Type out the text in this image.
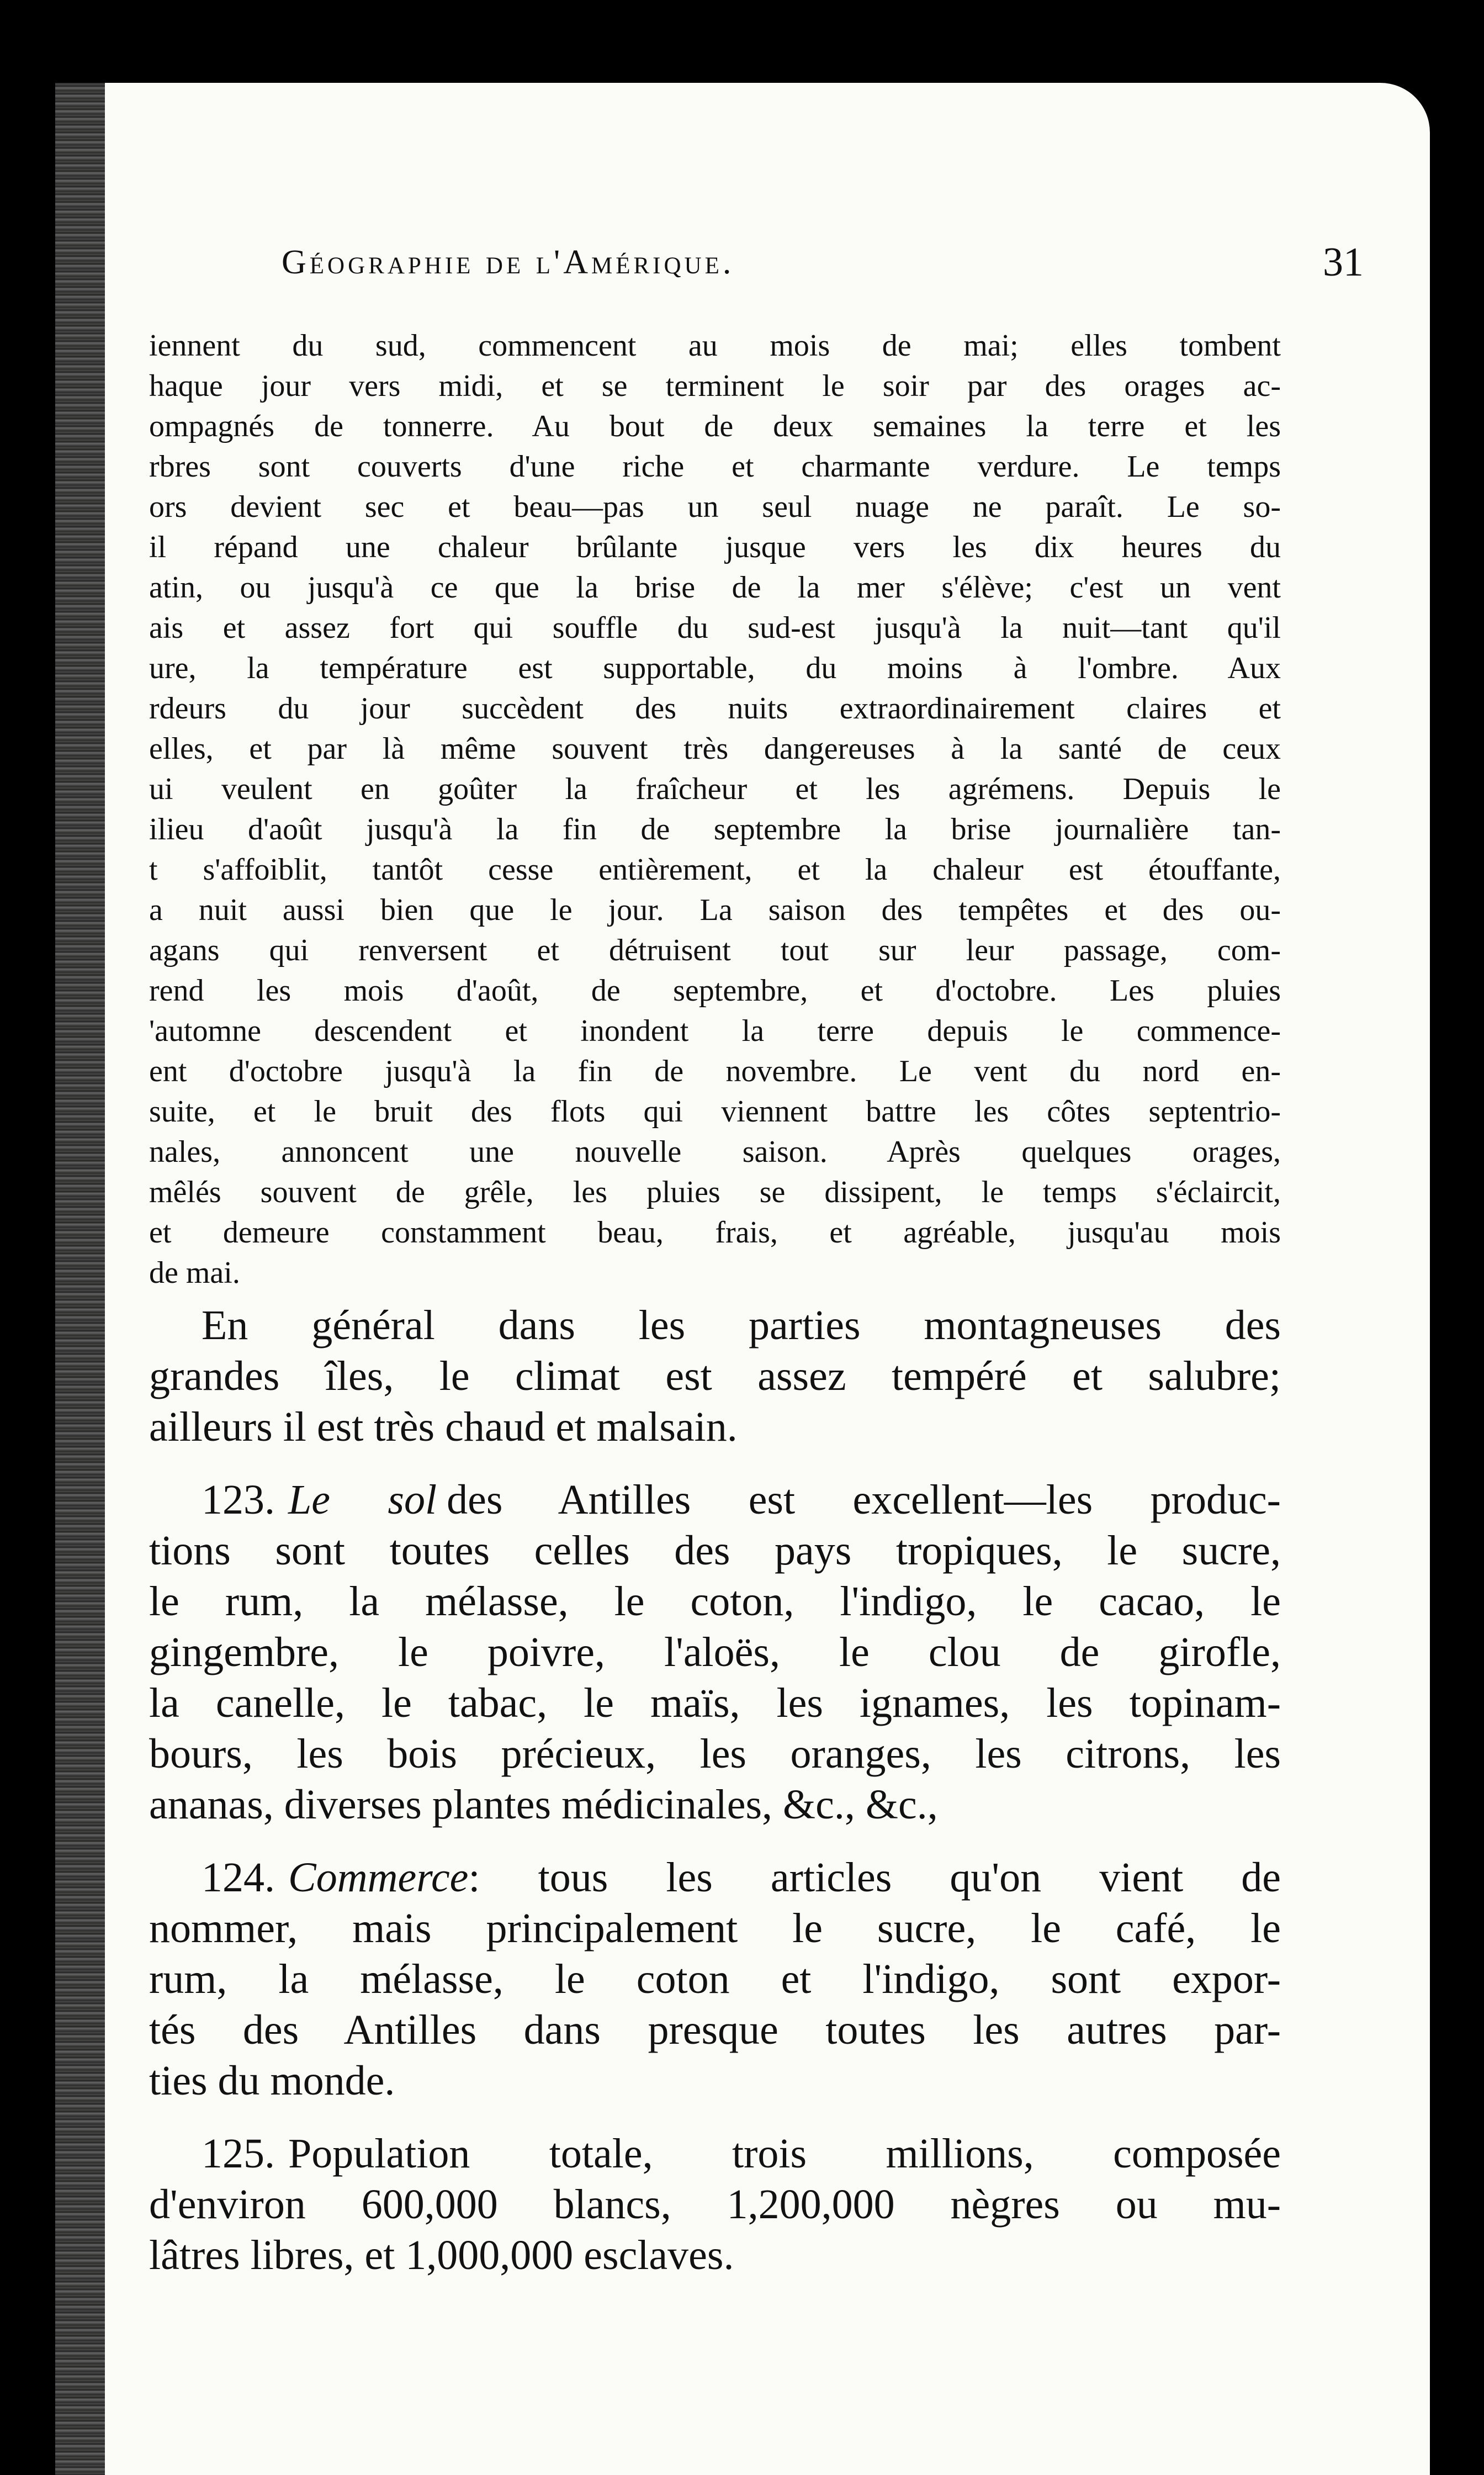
Géographie de l'Amérique.	31

iennent du sud, commencent au mois de mai; elles tombent

haque jour vers midi, et se terminent le soir par des orages ac-

ompagnés de tonnerre. Au bout de deux semaines la terre et les

rbres sont couverts d'une riche et charmante verdure. Le temps

ors devient sec et beau—pas un seul nuage ne paraît. Le so-

il répand une chaleur brûlante jusque vers les dix heures du

atin, ou jusqu'à ce que la brise de la mer s'élève; c'est un vent

ais et assez fort qui souffle du sud-est jusqu'à la nuit—tant qu'il

ure, la température est supportable, du moins à l'ombre. Aux

rdeurs du jour succèdent des nuits extraordinairement claires et

elles, et par là même souvent très dangereuses à la santé de ceux

ui veulent en goûter la fraîcheur et les agrémens. Depuis le

ilieu d'août jusqu'à la fin de septembre la brise journalière tan-

t s'affoiblit, tantôt cesse entièrement, et la chaleur est étouffante,

a nuit aussi bien que le jour. La saison des tempêtes et des ou-

agans qui renversent et détruisent tout sur leur passage, com-

rend les mois d'août, de septembre, et d'octobre. Les pluies

'automne descendent et inondent la terre depuis le commence-

ent d'octobre jusqu'à la fin de novembre. Le vent du nord en-

suite, et le bruit des flots qui viennent battre les côtes septentrio-

nales, annoncent une nouvelle saison. Après quelques orages,

mêlés souvent de grêle, les pluies se dissipent, le temps s'éclaircit,

et demeure constamment beau, frais, et agréable, jusqu'au mois

de mai.

En général dans les parties montagneuses des

grandes îles, le climat est assez tempéré et salubre;

ailleurs il est très chaud et malsain.

123. Le sol des Antilles est excellent—les produc-

tions sont toutes celles des pays tropiques, le sucre,

le rum, la mélasse, le coton, l'indigo, le cacao, le

gingembre, le poivre, l'aloës, le clou de girofle,

la canelle, le tabac, le maïs, les ignames, les topinam-

bours, les bois précieux, les oranges, les citrons, les

ananas, diverses plantes médicinales, &c., &c.,

124. Commerce: tous les articles qu'on vient de

nommer, mais principalement le sucre, le café, le

rum, la mélasse, le coton et l'indigo, sont expor-

tés des Antilles dans presque toutes les autres par-

ties du monde.

125. Population totale, trois millions, composée

d'environ 600,000 blancs, 1,200,000 nègres ou mu-

lâtres libres, et 1,000,000 esclaves.
